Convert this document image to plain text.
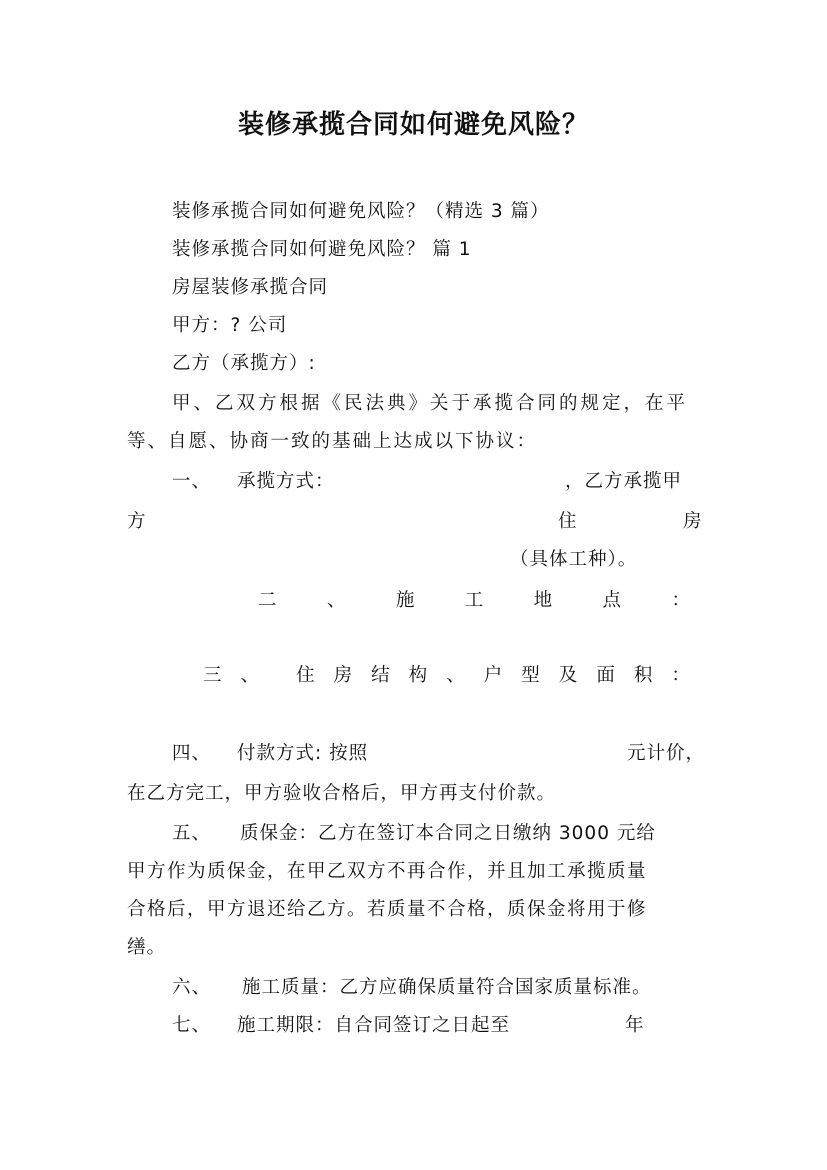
装修承揽合同如何避免风险？
装修承揽合同如何避免风险？（精选 3 篇）
装修承揽合同如何避免风险？ 篇 1
房屋装修承揽合同
甲方：? 公司
乙方（承揽方）:
甲、乙双方根据《民法典》关于承揽合同的规定，在平
等、自愿、协商一致的基础上达成以下协议：
一、 承揽方式：	，乙方承揽甲
方	住	房
（具体工种）。
二	、	施	工	地	点	：
三 、 住 房 结 构 、 户 型 及 面 积 ：
四、 付款方式: 按照	元计价，
在乙方完工，甲方验收合格后，甲方再支付价款。
五、 质保金：乙方在签订本合同之日缴纳 3000 元给
甲方作为质保金，在甲乙双方不再合作，并且加工承揽质量
合格后，甲方退还给乙方。若质量不合格，质保金将用于修
缮。
六、 施工质量：乙方应确保质量符合国家质量标准。
七、 施工期限：自合同签订之日起至	年
